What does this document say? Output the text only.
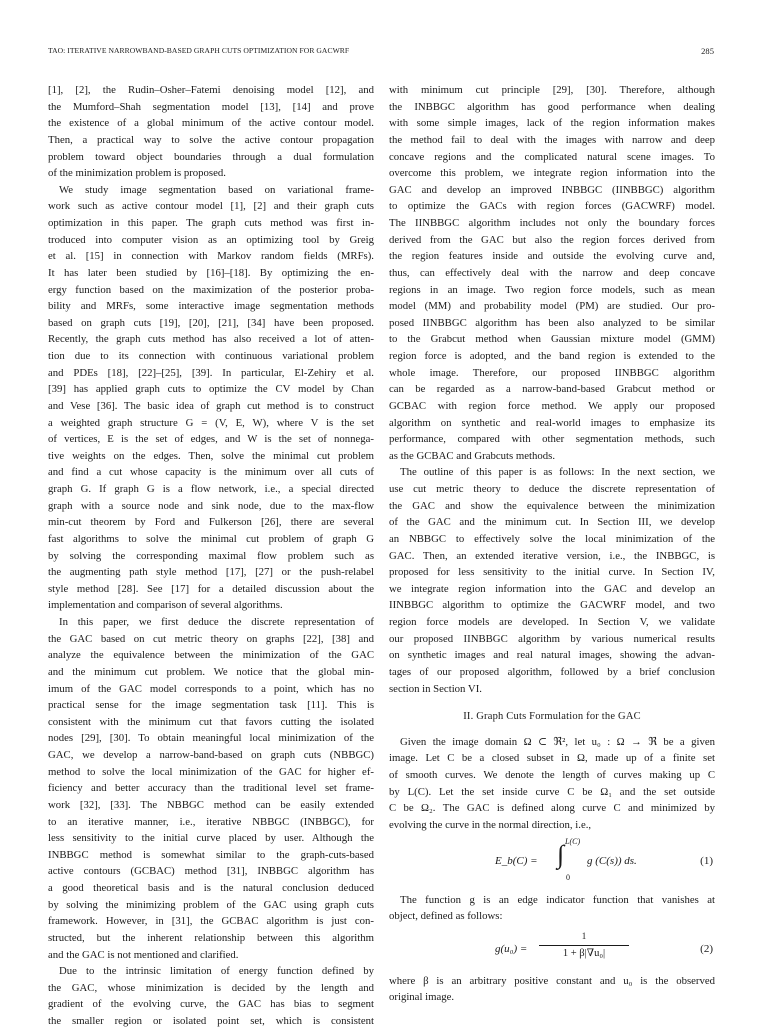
TAO: ITERATIVE NARROWBAND-BASED GRAPH CUTS OPTIMIZATION FOR GACWRF	285

[1], [2], the Rudin–Osher–Fatemi denoising model [12], and

the Mumford–Shah segmentation model [13], [14] and prove

the existence of a global minimum of the active contour model.

Then, a practical way to solve the active contour propagation

problem toward object boundaries through a dual formulation

of the minimization problem is proposed.

We study image segmentation based on variational frame-

work such as active contour model [1], [2] and their graph cuts

optimization in this paper. The graph cuts method was first in-

troduced into computer vision as an optimizing tool by Greig

et al. [15] in connection with Markov random fields (MRFs).

It has later been studied by [16]–[18]. By optimizing the en-

ergy function based on the maximization of the posterior proba-

bility and MRFs, some interactive image segmentation methods

based on graph cuts [19], [20], [21], [34] have been proposed.

Recently, the graph cuts method has also received a lot of atten-

tion due to its connection with continuous variational problem

and PDEs [18], [22]–[25], [39]. In particular, El-Zehiry et al.

[39] has applied graph cuts to optimize the CV model by Chan

and Vese [36]. The basic idea of graph cut method is to construct

a weighted graph structure G = (V, E, W), where V is the set

of vertices, E is the set of edges, and W is the set of nonnega-

tive weights on the edges. Then, solve the minimal cut problem

and find a cut whose capacity is the minimum over all cuts of

graph G. If graph G is a flow network, i.e., a special directed

graph with a source node and sink node, due to the max-flow

min-cut theorem by Ford and Fulkerson [26], there are several

fast algorithms to solve the minimal cut problem of graph G

by solving the corresponding maximal flow problem such as

the augmenting path style method [17], [27] or the push-relabel

style method [28]. See [17] for a detailed discussion about the

implementation and comparison of several algorithms.

In this paper, we first deduce the discrete representation of

the GAC based on cut metric theory on graphs [22], [38] and

analyze the equivalence between the minimization of the GAC

and the minimum cut problem. We notice that the global min-

imum of the GAC model corresponds to a point, which has no

practical sense for the image segmentation task [11]. This is

consistent with the minimum cut that favors cutting the isolated

nodes [29], [30]. To obtain meaningful local minimization of the

GAC, we develop a narrow-band-based on graph cuts (NBBGC)

method to solve the local minimization of the GAC for higher ef-

ficiency and better accuracy than the traditional level set frame-

work [32], [33]. The NBBGC method can be easily extended

to an iterative manner, i.e., iterative NBBGC (INBBGC), for

less sensitivity to the initial curve placed by user. Although the

INBBGC method is somewhat similar to the graph-cuts-based

active contours (GCBAC) method [31], INBBGC algorithm has

a good theoretical basis and is the natural conclusion deduced

by solving the minimizing problem of the GAC using graph cuts

framework. However, in [31], the GCBAC algorithm is just con-

structed, but the inherent relationship between this algorithm

and the GAC is not mentioned and clarified.

Due to the intrinsic limitation of energy function defined by

the GAC, whose minimization is decided by the length and

gradient of the evolving curve, the GAC has bias to segment

the smaller region or isolated point set, which is consistent

with minimum cut principle [29], [30]. Therefore, although

the INBBGC algorithm has good performance when dealing

with some simple images, lack of the region information makes

the method fail to deal with the images with narrow and deep

concave regions and the complicated natural scene images. To

overcome this problem, we integrate region information into the

GAC and develop an improved INBBGC (IINBBGC) algorithm

to optimize the GACs with region forces (GACWRF) model.

The IINBBGC algorithm includes not only the boundary forces

derived from the GAC but also the region forces derived from

the region features inside and outside the evolving curve and,

thus, can effectively deal with the narrow and deep concave

regions in an image. Two region force models, such as mean

model (MM) and probability model (PM) are studied. Our pro-

posed IINBBGC algorithm has been also analyzed to be similar

to the Grabcut method when Gaussian mixture model (GMM)

region force is adopted, and the band region is extended to the

whole image. Therefore, our proposed IINBBGC algorithm

can be regarded as a narrow-band-based Grabcut method or

GCBAC with region force method. We apply our proposed

algorithm on synthetic and real-world images to emphasize its

performance, compared with other segmentation methods, such

as the GCBAC and Grabcuts methods.

The outline of this paper is as follows: In the next section, we

use cut metric theory to deduce the discrete representation of

the GAC and show the equivalence between the minimization

of the GAC and the minimum cut. In Section III, we develop

an NBBGC to effectively solve the local minimization of the

GAC. Then, an extended iterative version, i.e., the INBBGC, is

proposed for less sensitivity to the initial curve. In Section IV,

we integrate region information into the GAC and develop an

IINBBGC algorithm to optimize the GACWRF model, and two

region force models are developed. In Section V, we validate

our proposed IINBBGC algorithm by various numerical results

on synthetic images and real natural images, showing the advan-

tages of our proposed algorithm, followed by a brief conclusion

section in Section VI.

II. Graph Cuts Formulation for the GAC

Given the image domain Ω ⊂ ℜ², let u₀ : Ω → ℜ be a given

image. Let C be a closed subset in Ω, made up of a finite set

of smooth curves. We denote the length of curves making up C

by L(C). Let the set inside curve C be Ω₁ and the set outside

C be Ω₂. The GAC is defined along curve C and minimized by

evolving the curve in the normal direction, i.e.,

E_b(C) =
L(C)
∫
0
g (C(s)) ds.	(1)

The function g is an edge indicator function that vanishes at

object, defined as follows:

g(u₀) =
1
1 + β|∇u₀|	(2)

where β is an arbitrary positive constant and u₀ is the observed

original image.
